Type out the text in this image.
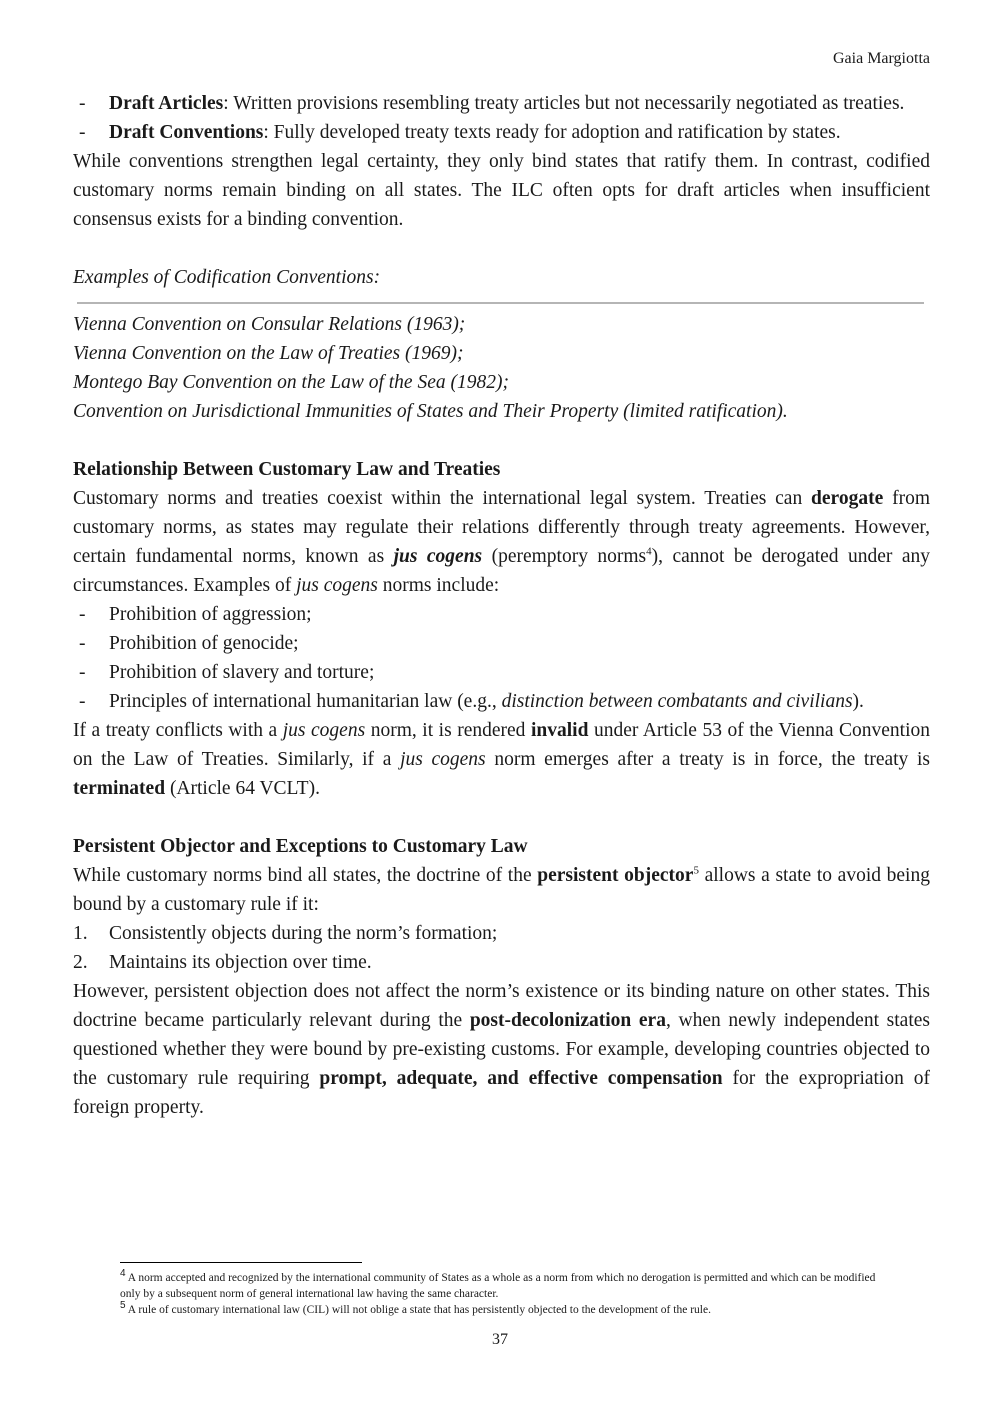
Gaia Margiotta
-	Draft Articles: Written provisions resembling treaty articles but not necessarily negotiated as treaties.
-	Draft Conventions: Fully developed treaty texts ready for adoption and ratification by states.

While conventions strengthen legal certainty, they only bind states that ratify them. In contrast, codified customary norms remain binding on all states. The ILC often opts for draft articles when insufficient consensus exists for a binding convention.

Examples of Codification Conventions:

Vienna Convention on Consular Relations (1963);

Vienna Convention on the Law of Treaties (1969);

Montego Bay Convention on the Law of the Sea (1982);

Convention on Jurisdictional Immunities of States and Their Property (limited ratification).

Relationship Between Customary Law and Treaties

Customary norms and treaties coexist within the international legal system. Treaties can derogate from customary norms, as states may regulate their relations differently through treaty agreements. However, certain fundamental norms, known as jus cogens (peremptory norms$^4$), cannot be derogated under any circumstances. Examples of jus cogens norms include:

-	Prohibition of aggression;
-	Prohibition of genocide;
-	Prohibition of slavery and torture;
-	Principles of international humanitarian law (e.g., distinction between combatants and civilians).

If a treaty conflicts with a jus cogens norm, it is rendered invalid under Article 53 of the Vienna Convention on the Law of Treaties. Similarly, if a jus cogens norm emerges after a treaty is in force, the treaty is terminated (Article 64 VCLT).

Persistent Objector and Exceptions to Customary Law

While customary norms bind all states, the doctrine of the persistent objector$^5$ allows a state to avoid being bound by a customary rule if it:

1.	Consistently objects during the norm’s formation;
2.	Maintains its objection over time.

However, persistent objection does not affect the norm’s existence or its binding nature on other states. This doctrine became particularly relevant during the post-decolonization era, when newly independent states questioned whether they were bound by pre-existing customs. For example, developing countries objected to the customary rule requiring prompt, adequate, and effective compensation for the expropriation of foreign property.

$^4$ A norm accepted and recognized by the international community of States as a whole as a norm from which no derogation is permitted and which can be modified only by a subsequent norm of general international law having the same character.
$^5$ A rule of customary international law (CIL) will not oblige a state that has persistently objected to the development of the rule.
37
